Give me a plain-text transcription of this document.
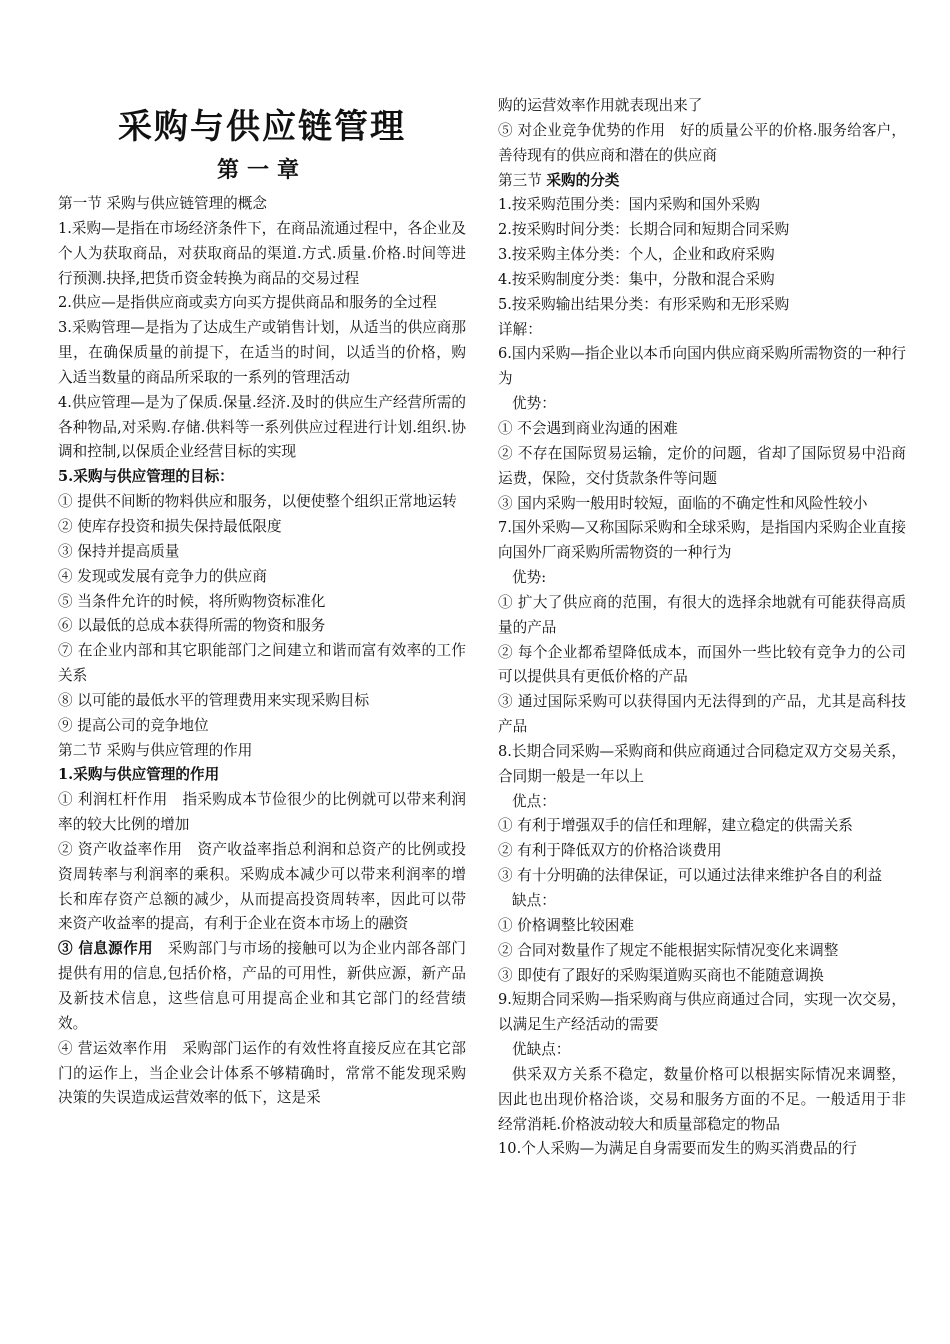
采购与供应链管理
第一章
第一节 采购与供应链管理的概念
1.采购—是指在市场经济条件下，在商品流通过程中，各企业及个人为获取商品，对获取商品的渠道.方式.质量.价格.时间等进行预测.抉择,把货币资金转换为商品的交易过程
2.供应—是指供应商或卖方向买方提供商品和服务的全过程
3.采购管理—是指为了达成生产或销售计划，从适当的供应商那里，在确保质量的前提下，在适当的时间，以适当的价格，购入适当数量的商品所采取的一系列的管理活动
4.供应管理—是为了保质.保量.经济.及时的供应生产经营所需的各种物品,对采购.存储.供料等一系列供应过程进行计划.组织.协调和控制,以保质企业经营目标的实现
5.采购与供应管理的目标：
① 提供不间断的物料供应和服务，以便使整个组织正常地运转
② 使库存投资和损失保持最低限度
③ 保持并提高质量
④ 发现或发展有竞争力的供应商
⑤ 当条件允许的时候，将所购物资标准化
⑥ 以最低的总成本获得所需的物资和服务
⑦ 在企业内部和其它职能部门之间建立和谐而富有效率的工作关系
⑧ 以可能的最低水平的管理费用来实现采购目标
⑨ 提高公司的竞争地位
第二节 采购与供应管理的作用
1.采购与供应管理的作用
① 利润杠杆作用　指采购成本节俭很少的比例就可以带来利润率的较大比例的增加
② 资产收益率作用　资产收益率指总利润和总资产的比例或投资周转率与利润率的乘积。采购成本减少可以带来利润率的增长和库存资产总额的减少，从而提高投资周转率，因此可以带来资产收益率的提高，有利于企业在资本市场上的融资
③ 信息源作用　采购部门与市场的接触可以为企业内部各部门提供有用的信息,包括价格，产品的可用性，新供应源，新产品及新技术信息，这些信息可用提高企业和其它部门的经营绩效。
④ 营运效率作用　采购部门运作的有效性将直接反应在其它部门的运作上，当企业会计体系不够精确时，常常不能发现采购决策的失误造成运营效率的低下，这是采
购的运营效率作用就表现出来了
⑤ 对企业竞争优势的作用　好的质量公平的价格.服务给客户，善待现有的供应商和潜在的供应商
第三节 采购的分类
1.按采购范围分类：国内采购和国外采购
2.按采购时间分类：长期合同和短期合同采购
3.按采购主体分类：个人，企业和政府采购
4.按采购制度分类：集中，分散和混合采购
5.按采购输出结果分类：有形采购和无形采购
详解：
6.国内采购—指企业以本币向国内供应商采购所需物资的一种行为
优势：
① 不会遇到商业沟通的困难
② 不存在国际贸易运输，定价的问题，省却了国际贸易中沿商运费，保险，交付货款条件等问题
③ 国内采购一般用时较短，面临的不确定性和风险性较小
7.国外采购—又称国际采购和全球采购，是指国内采购企业直接向国外厂商采购所需物资的一种行为
优势:
① 扩大了供应商的范围，有很大的选择余地就有可能获得高质量的产品
② 每个企业都希望降低成本，而国外一些比较有竞争力的公司可以提供具有更低价格的产品
③ 通过国际采购可以获得国内无法得到的产品，尤其是高科技产品
8.长期合同采购—采购商和供应商通过合同稳定双方交易关系，合同期一般是一年以上
优点：
① 有利于增强双手的信任和理解，建立稳定的供需关系
② 有利于降低双方的价格洽谈费用
③ 有十分明确的法律保证，可以通过法律来维护各自的利益
缺点：
① 价格调整比较困难
② 合同对数量作了规定不能根据实际情况变化来调整
③ 即使有了跟好的采购渠道购买商也不能随意调换
9.短期合同采购—指采购商与供应商通过合同，实现一次交易，以满足生产经活动的需要
优缺点：
供采双方关系不稳定，数量价格可以根据实际情况来调整，因此也出现价格洽谈，交易和服务方面的不足。一般适用于非经常消耗.价格波动较大和质量部稳定的物品
10.个人采购—为满足自身需要而发生的购买消费品的行
